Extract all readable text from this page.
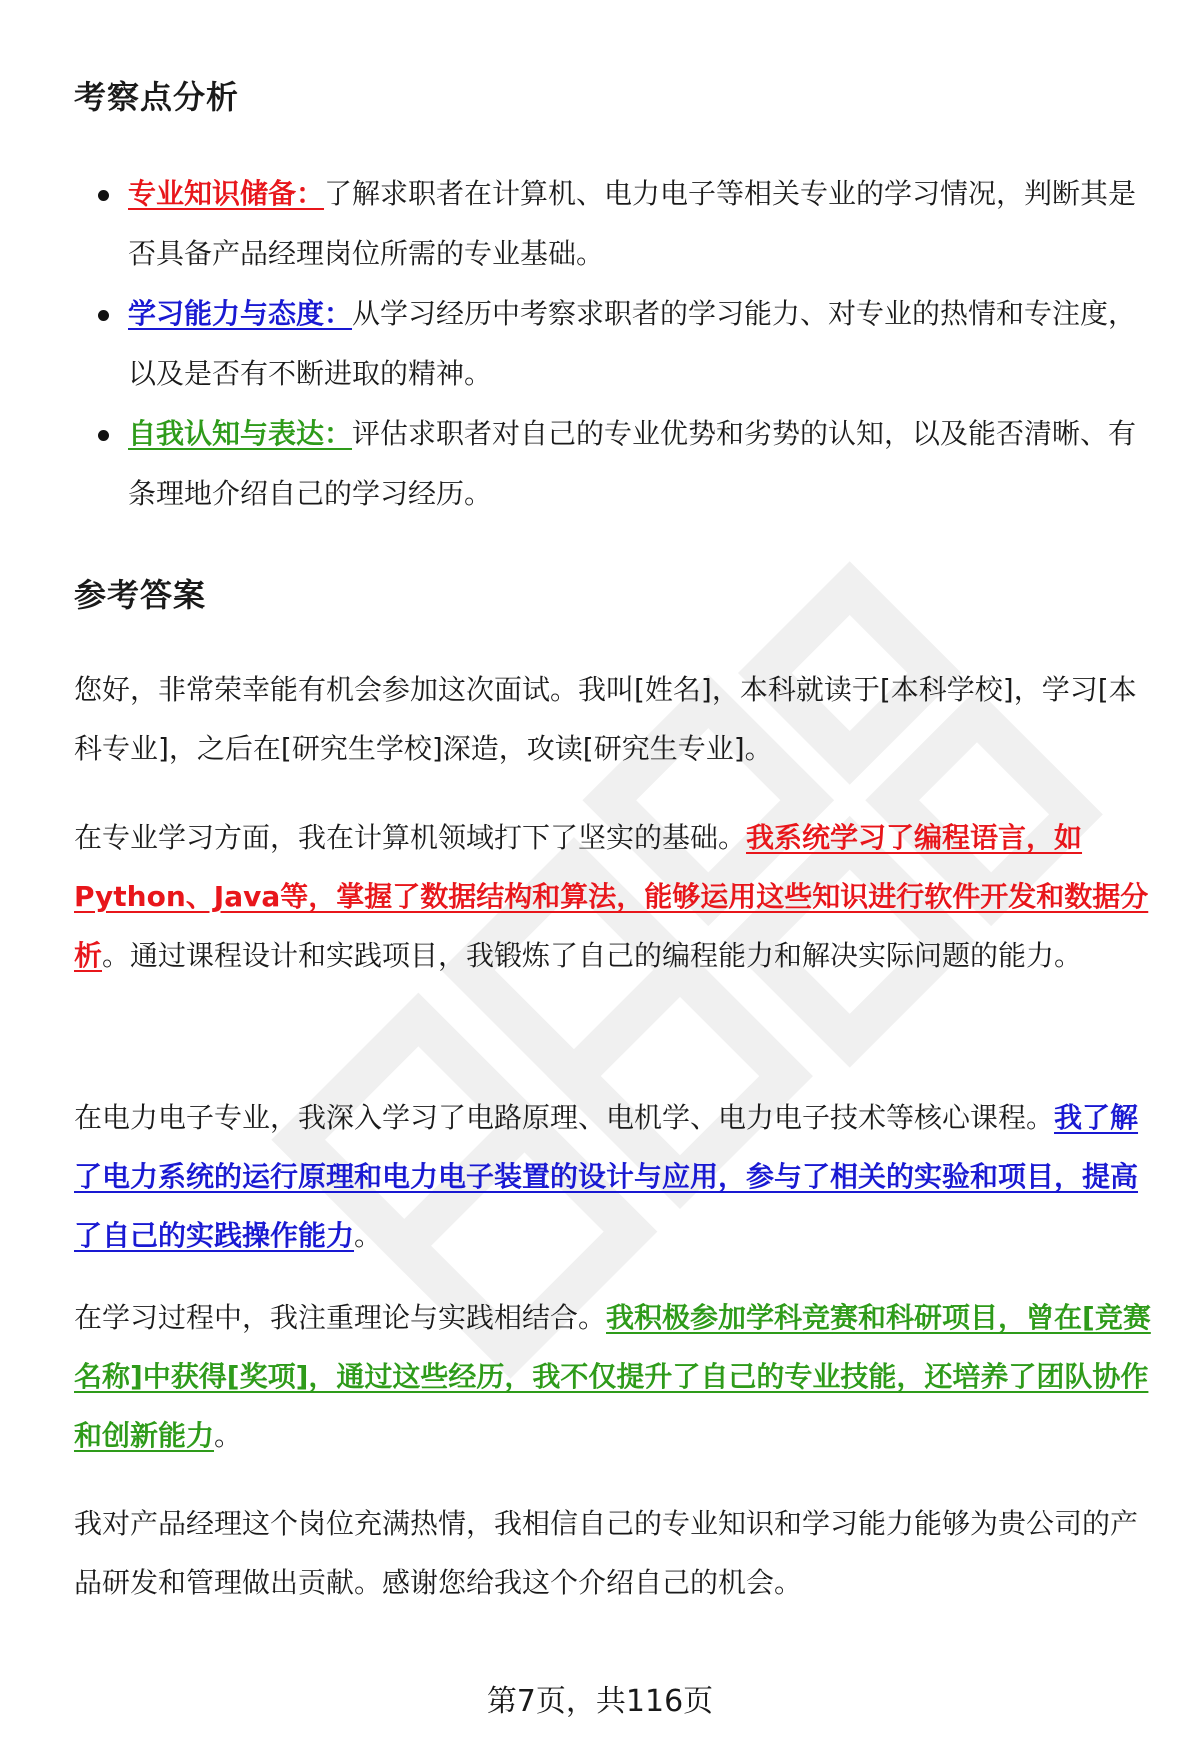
考察点分析
专业知识储备：了解求职者在计算机、电力电子等相关专业的学习情况，判断其是否具备产品经理岗位所需的专业基础。
学习能力与态度：从学习经历中考察求职者的学习能力、对专业的热情和专注度，以及是否有不断进取的精神。
自我认知与表达：评估求职者对自己的专业优势和劣势的认知，以及能否清晰、有条理地介绍自己的学习经历。
参考答案

您好，非常荣幸能有机会参加这次面试。我叫[姓名]，本科就读于[本科学校]，学习[本科专业]，之后在[研究生学校]深造，攻读[研究生专业]。

在专业学习方面，我在计算机领域打下了坚实的基础。我系统学习了编程语言，如Python、Java等，掌握了数据结构和算法，能够运用这些知识进行软件开发和数据分析。通过课程设计和实践项目，我锻炼了自己的编程能力和解决实际问题的能力。

在电力电子专业，我深入学习了电路原理、电机学、电力电子技术等核心课程。我了解了电力系统的运行原理和电力电子装置的设计与应用，参与了相关的实验和项目，提高了自己的实践操作能力。

在学习过程中，我注重理论与实践相结合。我积极参加学科竞赛和科研项目，曾在[竞赛名称]中获得[奖项]，通过这些经历，我不仅提升了自己的专业技能，还培养了团队协作和创新能力。

我对产品经理这个岗位充满热情，我相信自己的专业知识和学习能力能够为贵公司的产品研发和管理做出贡献。感谢您给我这个介绍自己的机会。

第7页，共116页
